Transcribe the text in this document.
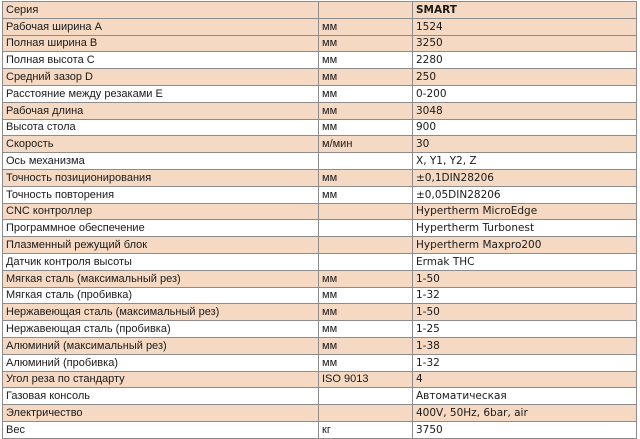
Серия		SMART
Рабочая ширина А	мм	1524
Полная ширина В	мм	3250
Полная высота С	мм	2280
Средний зазор D	мм	250
Расстояние между резаками Е	мм	0-200
Рабочая длина	мм	3048
Высота стола	мм	900
Скорость	м/мин	30
Ось механизма		X, Y1, Y2, Z
Точность позиционирования	мм	±0,1DIN28206
Точность повторения	мм	±0,05DIN28206
CNC контроллер		Hypertherm MicroEdge
Программное обеспечение		Hypertherm Turbonest
Плазменный режущий блок		Hypertherm Maxpro200
Датчик контроля высоты		Ermak THC
Мягкая сталь (максимальный рез)	мм	1-50
Мягкая сталь (пробивка)	мм	1-32
Нержавеющая сталь (максимальный рез)	мм	1-50
Нержавеющая сталь (пробивка)	мм	1-25
Алюминий (максимальный рез)	мм	1-38
Алюминий (пробивка)	мм	1-32
Угол реза по стандарту	ISO 9013	4
Газовая консоль		Автоматическая
Электричество		400V, 50Hz, 6bar, air
Вес	кг	3750
